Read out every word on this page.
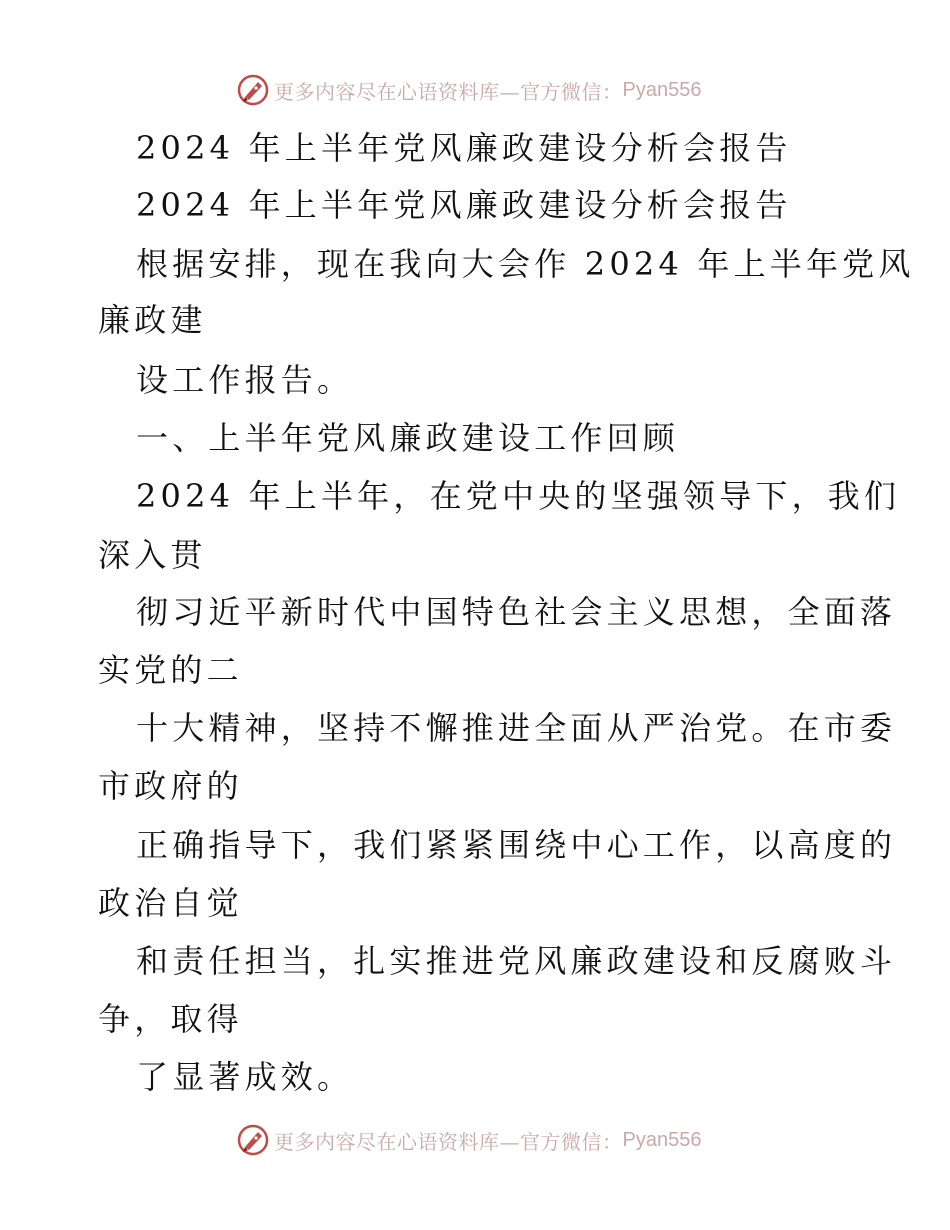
更多内容尽在心语资料库—官方微信： Pyan556
2024 年上半年党风廉政建设分析会报告
2024 年上半年党风廉政建设分析会报告
根据安排，现在我向大会作 2024 年上半年党风
廉政建
设工作报告。
一、上半年党风廉政建设工作回顾
2024 年上半年，在党中央的坚强领导下，我们
深入贯
彻习近平新时代中国特色社会主义思想，全面落
实党的二
十大精神，坚持不懈推进全面从严治党。在市委
市政府的
正确指导下，我们紧紧围绕中心工作，以高度的
政治自觉
和责任担当，扎实推进党风廉政建设和反腐败斗
争，取得
了显著成效。
更多内容尽在心语资料库—官方微信： Pyan556
